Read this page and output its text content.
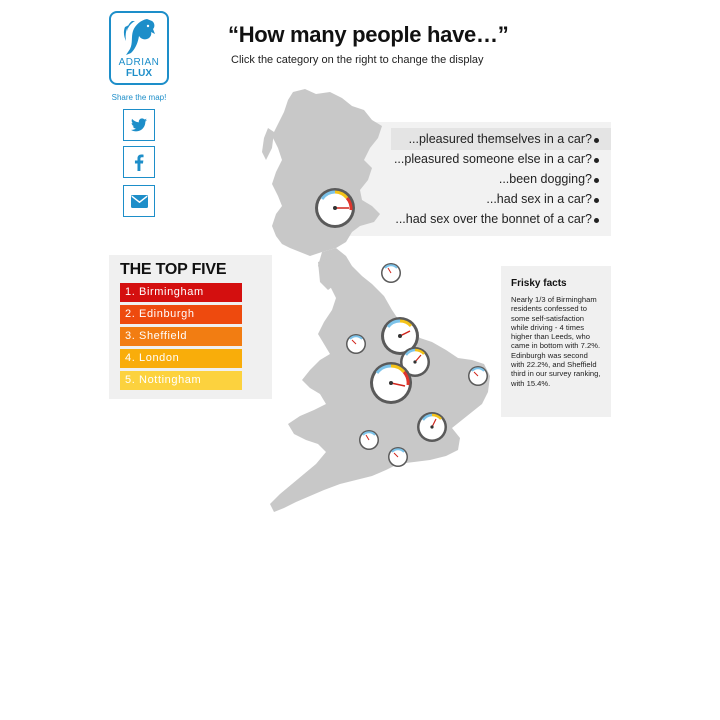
ADRIAN
FLUX
Share the map!
“How many people have…”
Click the category on the right to change the display
...pleasured themselves in a car?
...pleasured someone else in a car?
...been dogging?
...had sex in a car?
...had sex over the bonnet of a car?
THE TOP FIVE
1. Birmingham
2. Edinburgh
3. Sheffield
4. London
5. Nottingham
Frisky facts
Nearly 1/3 of Birmingham residents confessed to some self-satisfaction while driving - 4 times higher than Leeds, who came in bottom with 7.2%. Edinburgh was second with 22.2%, and Sheffield third in our survey ranking, with 15.4%.
